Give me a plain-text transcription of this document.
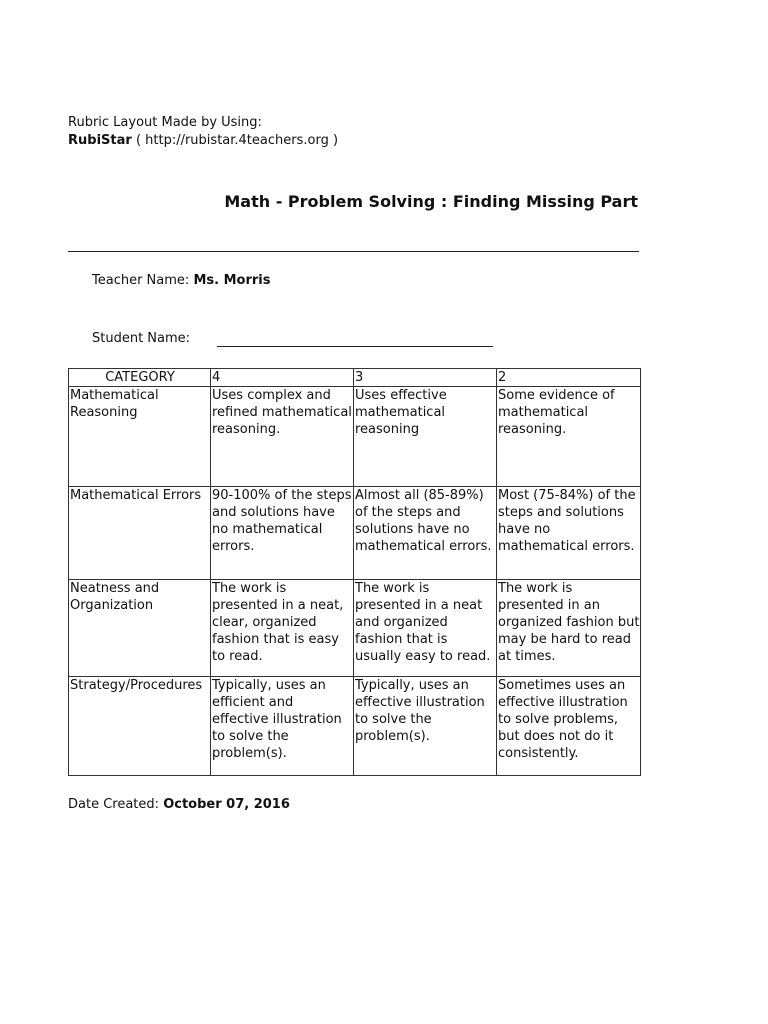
Rubric Layout Made by Using:
RubiStar ( http://rubistar.4teachers.org )
Math - Problem Solving : Finding Missing Part
Teacher Name: Ms. Morris
Student Name:
CATEGORY	4	3	2
Mathematical Reasoning	Uses complex and refined mathematical reasoning.	Uses effective mathematical reasoning	Some evidence of mathematical reasoning.
Mathematical Errors	90-100% of the steps and solutions have no mathematical errors.	Almost all (85-89%) of the steps and solutions have no mathematical errors.	Most (75-84%) of the steps and solutions have no mathematical errors.
Neatness and Organization	The work is presented in a neat, clear, organized fashion that is easy to read.	The work is presented in a neat and organized fashion that is usually easy to read.	The work is presented in an organized fashion but may be hard to read at times.
Strategy/Procedures	Typically, uses an efficient and effective illustration to solve the problem(s).	Typically, uses an effective illustration to solve the problem(s).	Sometimes uses an effective illustration to solve problems, but does not do it consistently.
Date Created: October 07, 2016
